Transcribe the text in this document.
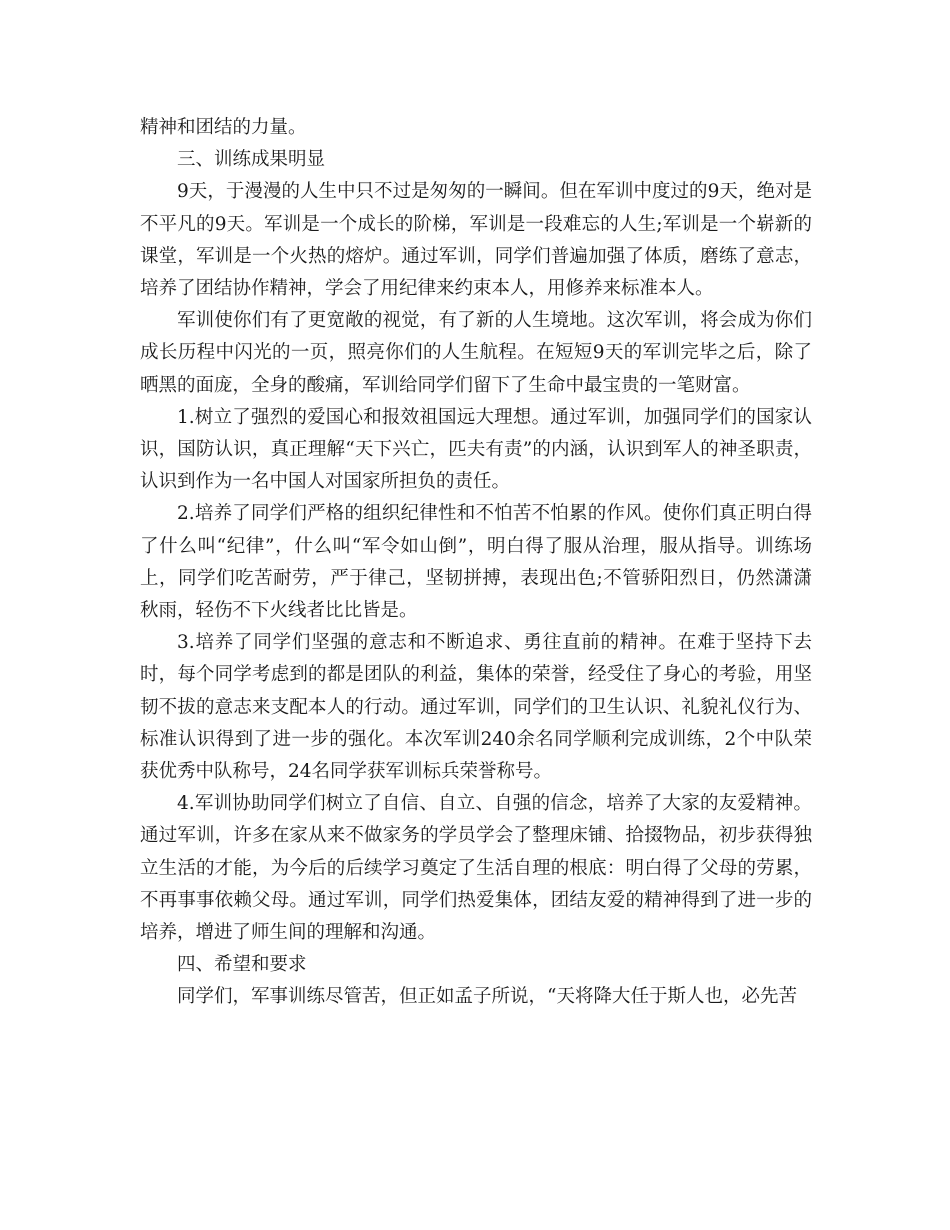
精神和团结的力量。

三、训练成果明显

9天，于漫漫的人生中只不过是匆匆的一瞬间。但在军训中度过的9天，绝对是不平凡的9天。军训是一个成长的阶梯，军训是一段难忘的人生;军训是一个崭新的课堂，军训是一个火热的熔炉。通过军训，同学们普遍加强了体质，磨练了意志，培养了团结协作精神，学会了用纪律来约束本人，用修养来标准本人。

军训使你们有了更宽敞的视觉，有了新的人生境地。这次军训，将会成为你们成长历程中闪光的一页，照亮你们的人生航程。在短短9天的军训完毕之后，除了晒黑的面庞，全身的酸痛，军训给同学们留下了生命中最宝贵的一笔财富。

1.树立了强烈的爱国心和报效祖国远大理想。通过军训，加强同学们的国家认识，国防认识，真正理解“天下兴亡，匹夫有责”的内涵，认识到军人的神圣职责，认识到作为一名中国人对国家所担负的责任。

2.培养了同学们严格的组织纪律性和不怕苦不怕累的作风。使你们真正明白得了什么叫“纪律”，什么叫“军令如山倒”，明白得了服从治理，服从指导。训练场上，同学们吃苦耐劳，严于律己，坚韧拼搏，表现出色;不管骄阳烈日，仍然潇潇秋雨，轻伤不下火线者比比皆是。

3.培养了同学们坚强的意志和不断追求、勇往直前的精神。在难于坚持下去时，每个同学考虑到的都是团队的利益，集体的荣誉，经受住了身心的考验，用坚韧不拔的意志来支配本人的行动。通过军训，同学们的卫生认识、礼貌礼仪行为、标准认识得到了进一步的强化。本次军训240余名同学顺利完成训练，2个中队荣获优秀中队称号，24名同学获军训标兵荣誉称号。

4.军训协助同学们树立了自信、自立、自强的信念，培养了大家的友爱精神。通过军训，许多在家从来不做家务的学员学会了整理床铺、拾掇物品，初步获得独立生活的才能，为今后的后续学习奠定了生活自理的根底：明白得了父母的劳累，不再事事依赖父母。通过军训，同学们热爱集体，团结友爱的精神得到了进一步的培养，增进了师生间的理解和沟通。

四、希望和要求

同学们，军事训练尽管苦，但正如孟子所说，“天将降大任于斯人也，必先苦
